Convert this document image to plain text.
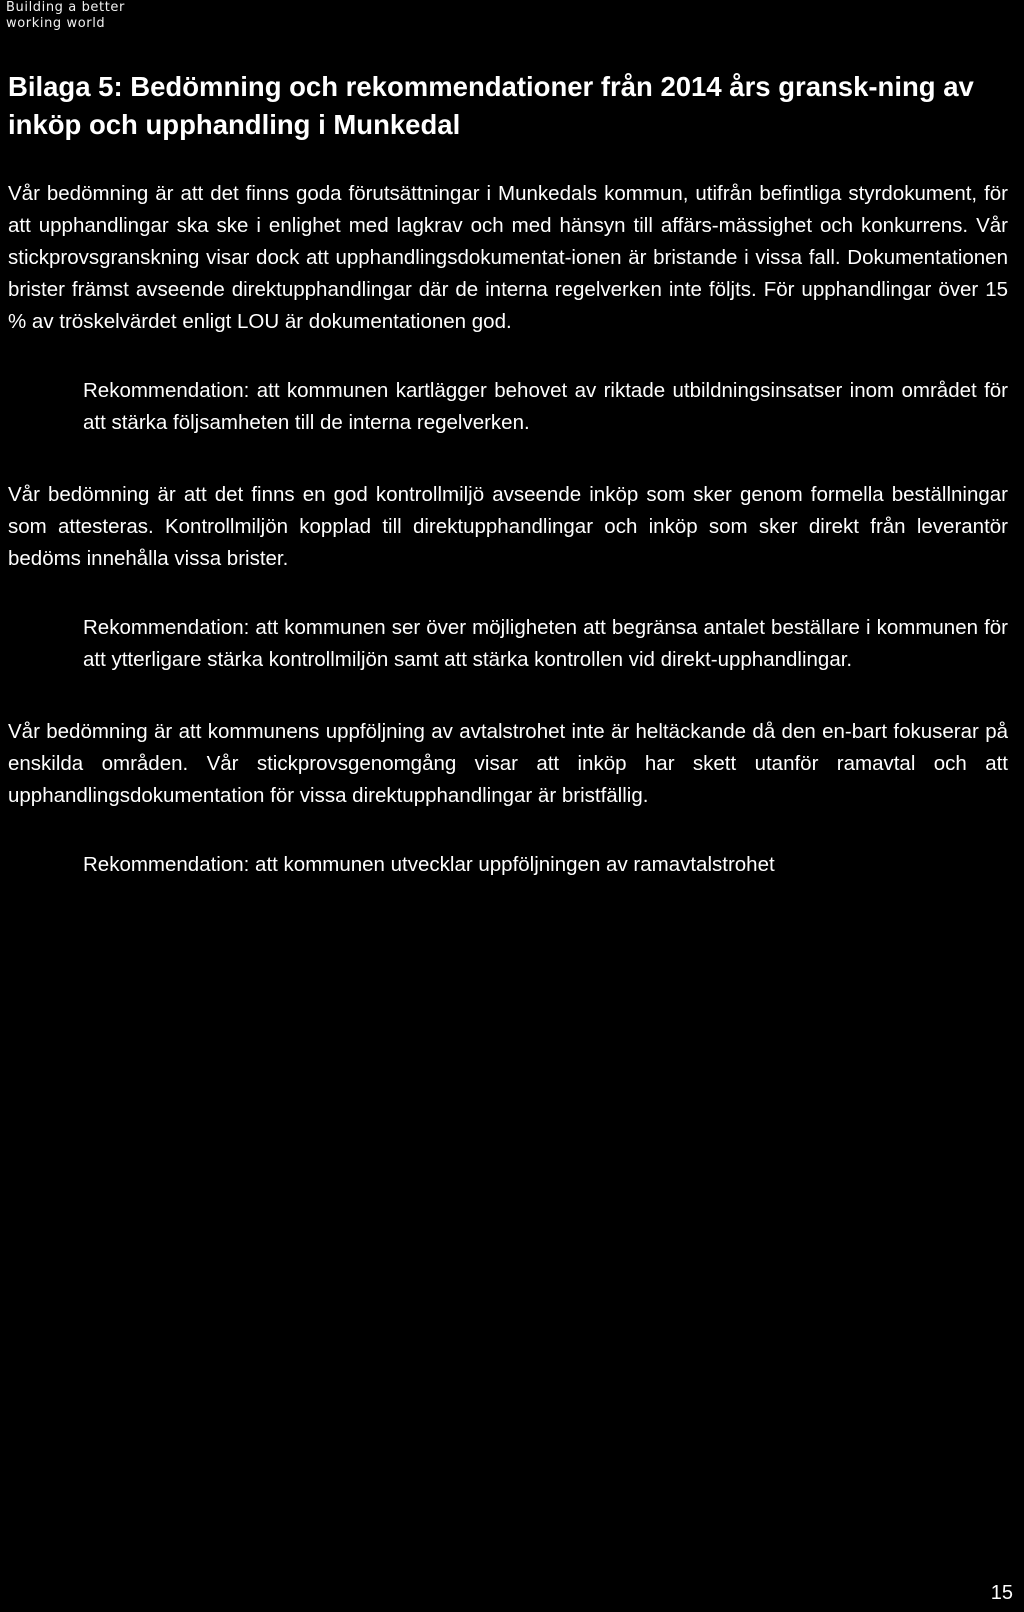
Building a better
working world
Bilaga 5: Bedömning och rekommendationer från 2014 års gransk-ning av inköp och upphandling i Munkedal

Vår bedömning är att det finns goda förutsättningar i Munkedals kommun, utifrån befintliga styrdokument, för att upphandlingar ska ske i enlighet med lagkrav och med hänsyn till affärs-mässighet och konkurrens. Vår stickprovsgranskning visar dock att upphandlingsdokumentat-ionen är bristande i vissa fall. Dokumentationen brister främst avseende direktupphandlingar där de interna regelverken inte följts. För upphandlingar över 15 % av tröskelvärdet enligt LOU är dokumentationen god.

Rekommendation: att kommunen kartlägger behovet av riktade utbildningsinsatser inom området för att stärka följsamheten till de interna regelverken.

Vår bedömning är att det finns en god kontrollmiljö avseende inköp som sker genom formella beställningar som attesteras. Kontrollmiljön kopplad till direktupphandlingar och inköp som sker direkt från leverantör bedöms innehålla vissa brister.

Rekommendation: att kommunen ser över möjligheten att begränsa antalet beställare i kommunen för att ytterligare stärka kontrollmiljön samt att stärka kontrollen vid direkt-upphandlingar.

Vår bedömning är att kommunens uppföljning av avtalstrohet inte är heltäckande då den en-bart fokuserar på enskilda områden. Vår stickprovsgenomgång visar att inköp har skett utanför ramavtal och att upphandlingsdokumentation för vissa direktupphandlingar är bristfällig.

Rekommendation: att kommunen utvecklar uppföljningen av ramavtalstrohet

15
